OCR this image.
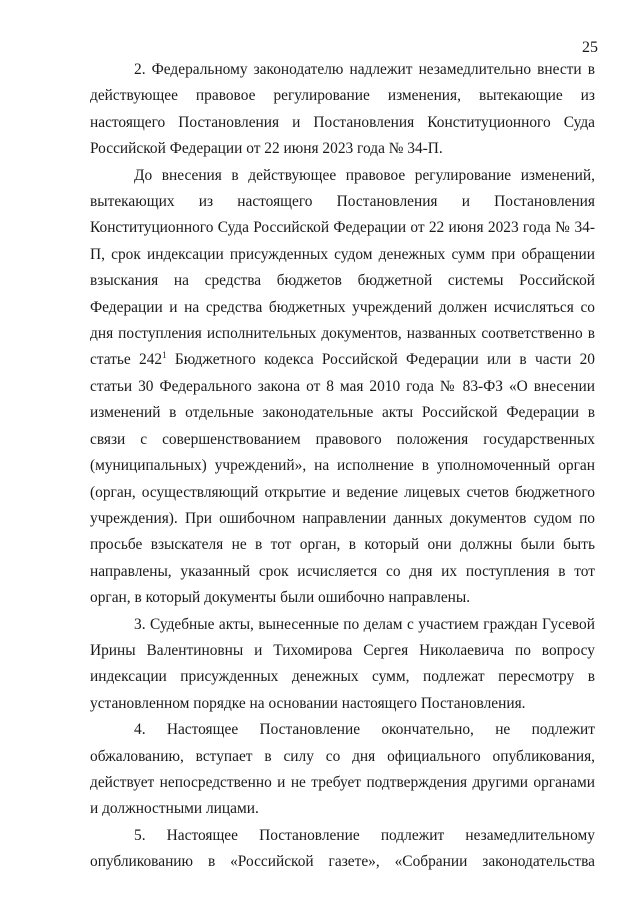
25

2. Федеральному законодателю надлежит незамедлительно внести в действующее правовое регулирование изменения, вытекающие из настоящего Постановления и Постановления Конституционного Суда Российской Федерации от 22 июня 2023 года № 34-П.

До внесения в действующее правовое регулирование изменений, вытекающих из настоящего Постановления и Постановления Конституционного Суда Российской Федерации от 22 июня 2023 года № 34-П, срок индексации присужденных судом денежных сумм при обращении взыскания на средства бюджетов бюджетной системы Российской Федерации и на средства бюджетных учреждений должен исчисляться со дня поступления исполнительных документов, названных соответственно в статье $242^1$ Бюджетного кодекса Российской Федерации или в части 20 статьи 30 Федерального закона от 8 мая 2010 года № 83-ФЗ «О внесении изменений в отдельные законодательные акты Российской Федерации в связи с совершенствованием правового положения государственных (муниципальных) учреждений», на исполнение в уполномоченный орган (орган, осуществляющий открытие и ведение лицевых счетов бюджетного учреждения). При ошибочном направлении данных документов судом по просьбе взыскателя не в тот орган, в который они должны были быть направлены, указанный срок исчисляется со дня их поступления в тот орган, в который документы были ошибочно направлены.

3. Судебные акты, вынесенные по делам с участием граждан Гусевой Ирины Валентиновны и Тихомирова Сергея Николаевича по вопросу индексации присужденных денежных сумм, подлежат пересмотру в установленном порядке на основании настоящего Постановления.

4. Настоящее Постановление окончательно, не подлежит обжалованию, вступает в силу со дня официального опубликования, действует непосредственно и не требует подтверждения другими органами и должностными лицами.

5. Настоящее Постановление подлежит незамедлительному опубликованию в «Российской газете», «Собрании законодательства
